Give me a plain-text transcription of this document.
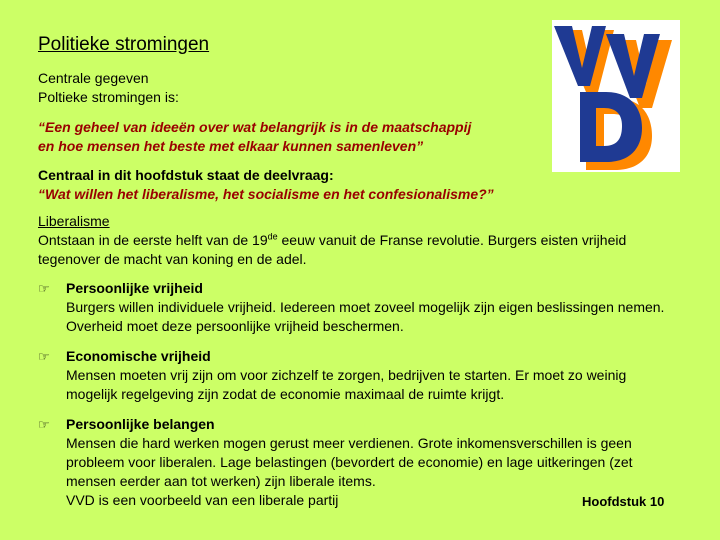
Politieke stromingen
Centrale gegeven
Poltieke stromingen is:
“Een geheel van ideeën over wat belangrijk is in de maatschappij
en hoe mensen het beste met elkaar kunnen samenleven”
Centraal in dit hoofdstuk staat de deelvraag:
“Wat willen het liberalisme, het socialisme en het confesionalisme?”
Liberalisme
Ontstaan in de eerste helft van de 19de eeuw vanuit de Franse revolutie. Burgers eisten vrijheid tegenover de macht van koning en de adel.
☞ Persoonlijke vrijheid
Burgers willen individuele vrijheid. Iedereen moet zoveel mogelijk zijn eigen beslissingen nemen. Overheid moet deze persoonlijke vrijheid beschermen.
☞ Economische vrijheid
Mensen moeten vrij zijn om voor zichzelf te zorgen, bedrijven te starten. Er moet zo weinig mogelijk regelgeving zijn zodat de economie maximaal de ruimte krijgt.
☞ Persoonlijke belangen
Mensen die hard werken mogen gerust meer verdienen. Grote inkomensverschillen is geen probleem voor liberalen. Lage belastingen (bevordert de economie) en lage uitkeringen (zet mensen eerder aan tot werken) zijn liberale items.
VVD is een voorbeeld van een liberale partij	Hoofdstuk 10
